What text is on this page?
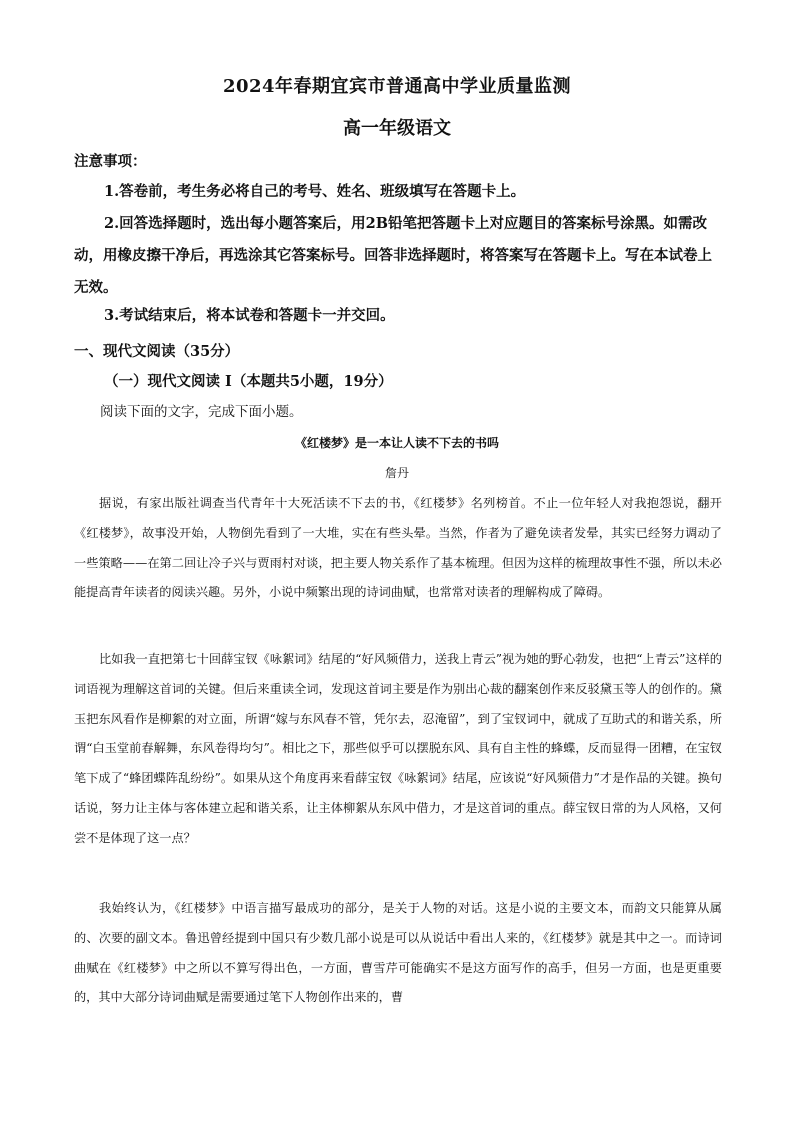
2024年春期宜宾市普通高中学业质量监测
高一年级语文
注意事项：
1.答卷前，考生务必将自己的考号、姓名、班级填写在答题卡上。
2.回答选择题时，选出每小题答案后，用2B铅笔把答题卡上对应题目的答案标号涂黑。如需改动，用橡皮擦干净后，再选涂其它答案标号。回答非选择题时，将答案写在答题卡上。写在本试卷上无效。
3.考试结束后，将本试卷和答题卡一并交回。
一、现代文阅读（35分）
（一）现代文阅读 I（本题共5小题，19分）
阅读下面的文字，完成下面小题。
《红楼梦》是一本让人读不下去的书吗
詹丹
据说，有家出版社调查当代青年十大死活读不下去的书，《红楼梦》名列榜首。不止一位年轻人对我抱怨说，翻开《红楼梦》，故事没开始，人物倒先看到了一大堆，实在有些头晕。当然，作者为了避免读者发晕，其实已经努力调动了一些策略——在第二回让冷子兴与贾雨村对谈，把主要人物关系作了基本梳理。但因为这样的梳理故事性不强，所以未必能提高青年读者的阅读兴趣。另外，小说中频繁出现的诗词曲赋，也常常对读者的理解构成了障碍。
比如我一直把第七十回薛宝钗《咏絮词》结尾的“好风频借力，送我上青云”视为她的野心勃发，也把“上青云”这样的词语视为理解这首词的关键。但后来重读全词，发现这首词主要是作为别出心裁的翻案创作来反驳黛玉等人的创作的。黛玉把东风看作是柳絮的对立面，所谓“嫁与东风春不管，凭尔去，忍淹留”，到了宝钗词中，就成了互助式的和谐关系，所谓“白玉堂前春解舞，东风卷得均匀”。相比之下，那些似乎可以摆脱东风、具有自主性的蜂蝶，反而显得一团糟，在宝钗笔下成了“蜂团蝶阵乱纷纷”。如果从这个角度再来看薛宝钗《咏絮词》结尾，应该说“好风频借力”才是作品的关键。换句话说，努力让主体与客体建立起和谐关系，让主体柳絮从东风中借力，才是这首词的重点。薛宝钗日常的为人风格，又何尝不是体现了这一点？
我始终认为，《红楼梦》中语言描写最成功的部分，是关于人物的对话。这是小说的主要文本，而韵文只能算从属的、次要的副文本。鲁迅曾经提到中国只有少数几部小说是可以从说话中看出人来的，《红楼梦》就是其中之一。而诗词曲赋在《红楼梦》中之所以不算写得出色，一方面，曹雪芹可能确实不是这方面写作的高手，但另一方面，也是更重要的，其中大部分诗词曲赋是需要通过笔下人物创作出来的，曹
